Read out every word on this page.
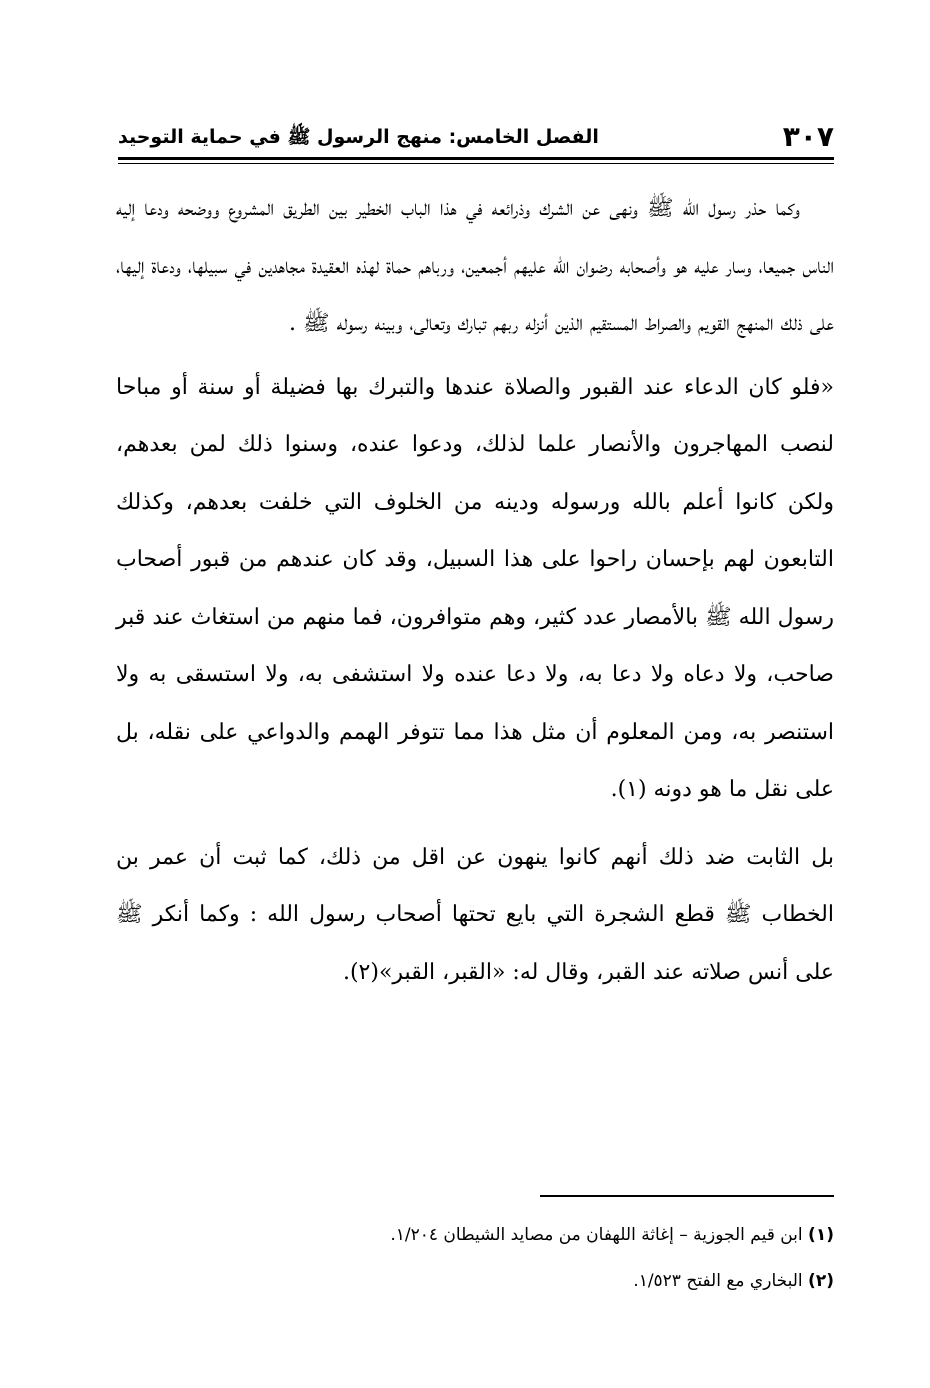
٣٠٧
الفصل الخامس: منهج الرسول ﷺ في حماية التوحيد

وكما حذر رسول الله ﷺ ونهى عن الشرك وذرائعه في هذا الباب الخطير بين الطريق المشروع ووضحه ودعا إليه الناس جميعا، وسار عليه هو وأصحابه رضوان الله عليهم أجمعين، ورباهم حماة لهذه العقيدة مجاهدين في سبيلها، ودعاة إليها، على ذلك المنهج القويم والصراط المستقيم الذين أنزله ربهم تبارك وتعالى، وبينه رسوله ﷺ .

«فلو كان الدعاء عند القبور والصلاة عندها والتبرك بها فضيلة أو سنة أو مباحا لنصب المهاجرون والأنصار علما لذلك، ودعوا عنده، وسنوا ذلك لمن بعدهم، ولكن كانوا أعلم بالله ورسوله ودينه من الخلوف التي خلفت بعدهم، وكذلك التابعون لهم بإحسان راحوا على هذا السبيل، وقد كان عندهم من قبور أصحاب رسول الله ﷺ بالأمصار عدد كثير، وهم متوافرون، فما منهم من استغاث عند قبر صاحب، ولا دعاه ولا دعا به، ولا دعا عنده ولا استشفى به، ولا استسقى به ولا استنصر به، ومن المعلوم أن مثل هذا مما تتوفر الهمم والدواعي على نقله، بل على نقل ما هو دونه (١).

بل الثابت ضد ذلك أنهم كانوا ينهون عن اقل من ذلك، كما ثبت أن عمر بن الخطاب ﷺ قطع الشجرة التي بايع تحتها أصحاب رسول الله : وكما أنكر ﷺ على أنس صلاته عند القبر، وقال له: «القبر، القبر»(٢).

(١) ابن قيم الجوزية – إغاثة اللهفان من مصايد الشيطان ١/٢٠٤.
(٢) البخاري مع الفتح ١/٥٢٣.
